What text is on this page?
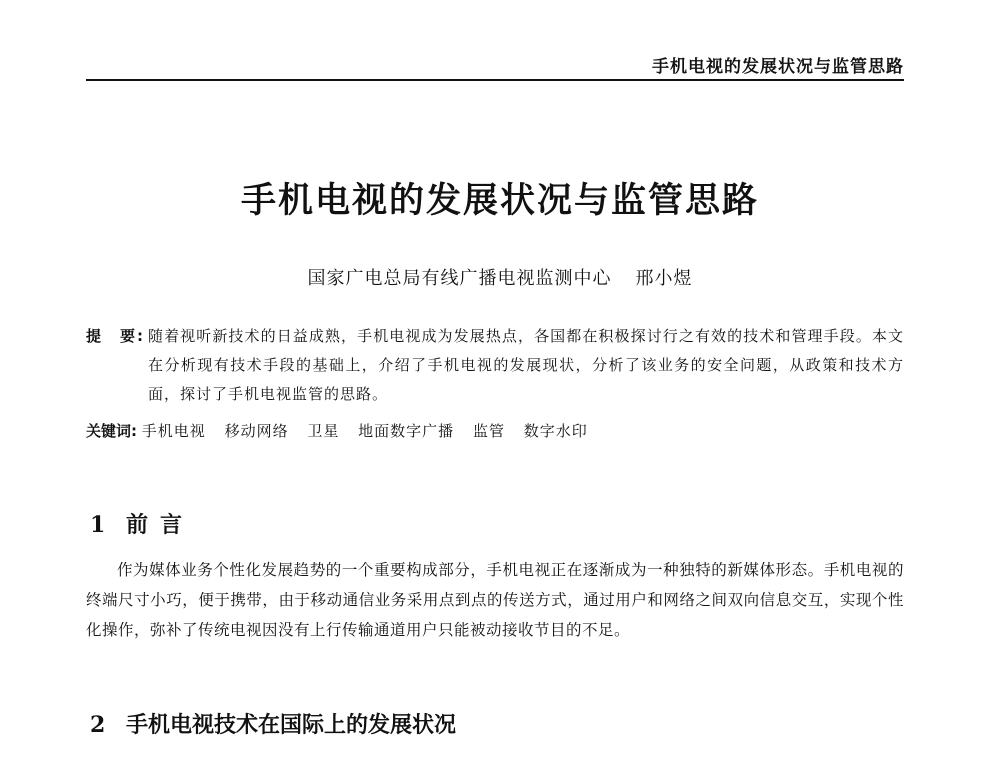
手机电视的发展状况与监管思路
手机电视的发展状况与监管思路
国家广电总局有线广播电视监测中心 邢小煜
提　要: 随着视听新技术的日益成熟，手机电视成为发展热点，各国都在积极探讨行之有效的技术和管理手段。本文在分析现有技术手段的基础上，介绍了手机电视的发展现状，分析了该业务的安全问题，从政策和技术方面，探讨了手机电视监管的思路。
关键词: 手机电视 移动网络 卫星 地面数字广播 监管 数字水印
1 前言
作为媒体业务个性化发展趋势的一个重要构成部分，手机电视正在逐渐成为一种独特的新媒体形态。手机电视的终端尺寸小巧，便于携带，由于移动通信业务采用点到点的传送方式，通过用户和网络之间双向信息交互，实现个性化操作，弥补了传统电视因没有上行传输通道用户只能被动接收节目的不足。
2 手机电视技术在国际上的发展状况
